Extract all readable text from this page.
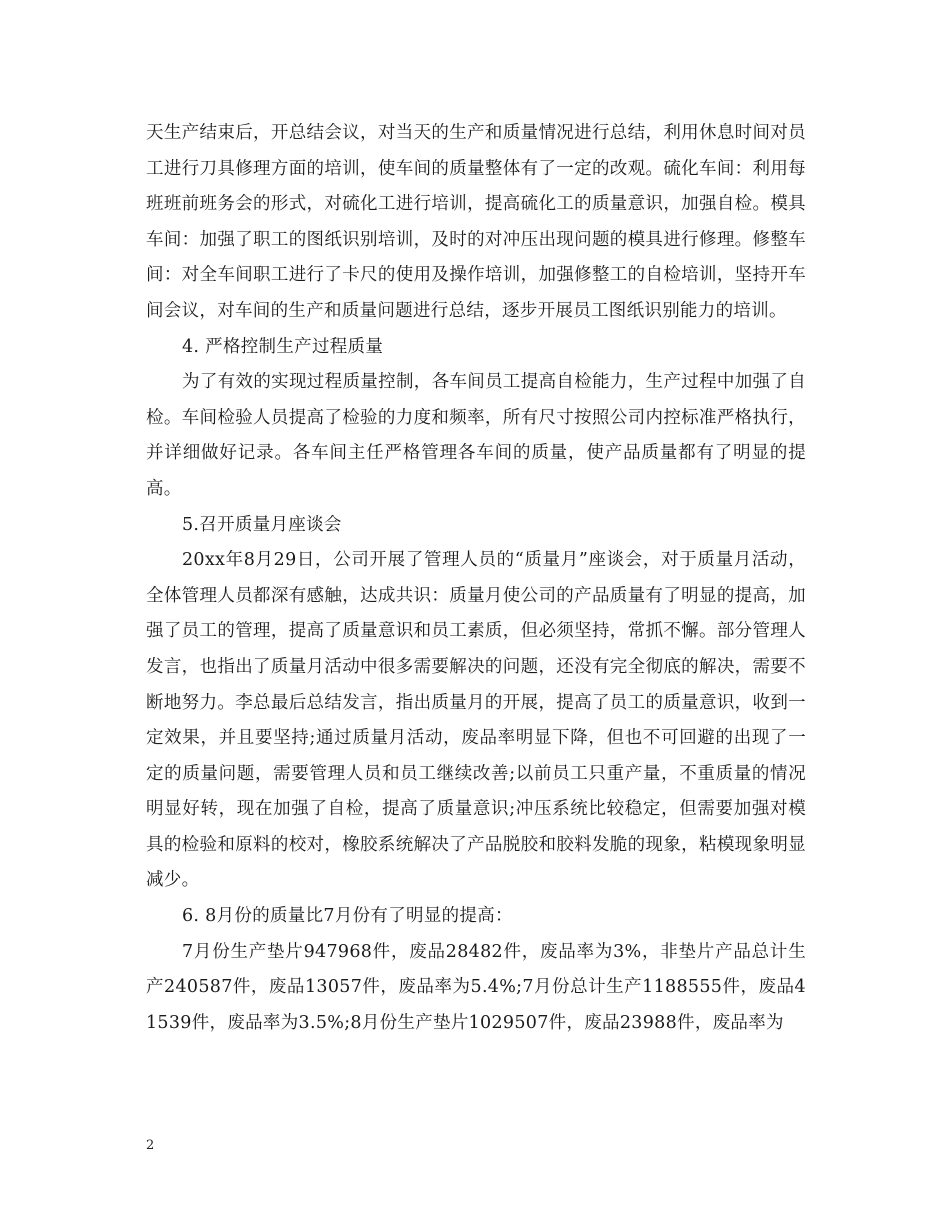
天生产结束后，开总结会议，对当天的生产和质量情况进行总结，利用休息时间对员工进行刀具修理方面的培训，使车间的质量整体有了一定的改观。硫化车间：利用每班班前班务会的形式，对硫化工进行培训，提高硫化工的质量意识，加强自检。模具车间：加强了职工的图纸识别培训，及时的对冲压出现问题的模具进行修理。修整车间：对全车间职工进行了卡尺的使用及操作培训，加强修整工的自检培训，坚持开车间会议，对车间的生产和质量问题进行总结，逐步开展员工图纸识别能力的培训。

4. 严格控制生产过程质量

为了有效的实现过程质量控制，各车间员工提高自检能力，生产过程中加强了自检。车间检验人员提高了检验的力度和频率，所有尺寸按照公司内控标准严格执行，并详细做好记录。各车间主任严格管理各车间的质量，使产品质量都有了明显的提高。

5.召开质量月座谈会

20xx年8月29日，公司开展了管理人员的“质量月”座谈会，对于质量月活动，全体管理人员都深有感触，达成共识：质量月使公司的产品质量有了明显的提高，加强了员工的管理，提高了质量意识和员工素质，但必须坚持，常抓不懈。部分管理人发言，也指出了质量月活动中很多需要解决的问题，还没有完全彻底的解决，需要不断地努力。李总最后总结发言，指出质量月的开展，提高了员工的质量意识，收到一定效果，并且要坚持;通过质量月活动，废品率明显下降，但也不可回避的出现了一定的质量问题，需要管理人员和员工继续改善;以前员工只重产量，不重质量的情况明显好转，现在加强了自检，提高了质量意识;冲压系统比较稳定，但需要加强对模具的检验和原料的校对，橡胶系统解决了产品脱胶和胶料发脆的现象，粘模现象明显减少。

6. 8月份的质量比7月份有了明显的提高：

7月份生产垫片947968件，废品28482件，废品率为3%，非垫片产品总计生产240587件，废品13057件，废品率为5.4%;7月份总计生产1188555件，废品41539件，废品率为3.5%;8月份生产垫片1029507件，废品23988件，废品率为

2
